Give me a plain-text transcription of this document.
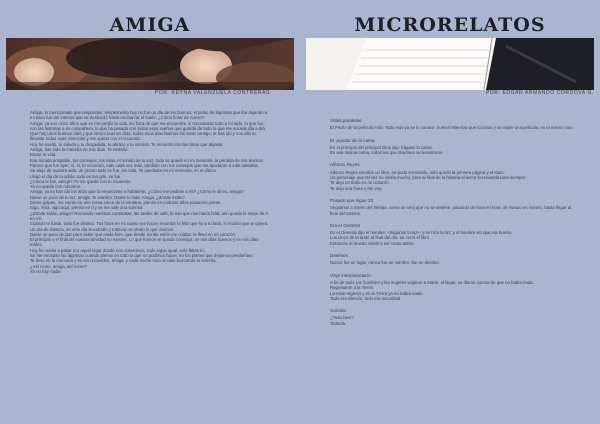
AMIGA
POR: REYNA VALENZUELA CONTRERAS

Amiga, lo mencionado que respondes; simplemente hoy no fue un día de los buenos, el pulso de lágrimas que iba dejando a mi paso fue tan intenso que se desbordó hasta encharcar el suelo. ¿Cómo llorar de nuevo?

Amiga, ya son cinco años que se me perdió la vida. Es hora de que me encuentre. Ir recordando todo a mi lado, lo que fue, con las historias a mi compañera, lo que ha pasado con todos esos sueños que guardé de todo lo que me sucede día a día.

Que hay unos buenos días y que tienen buenos días, todos esos días buenos los sentí contigo, te has ido y con ello te llevaste todas esas vivencias y me quedo con el recuerdo.

Hoy he vuelto, tu saludo y tu despedida, tu abrazo y tu sonrisa. Te recuerdo con las fotos que dejaste.

Amiga, has sido la maestra de mis días. Te extraño.

Dame tu vida.

Esa mirada amigable, tus consejos, tus risas, el sonido de tu voz, todo se quedó en mi memoria, la pérdida de mis ánimos.

Parece que fue ayer, sí, sí, lo recuerdo, más cada vez más, también con tus consejos que me ayudaron a salir adelante.

Se alejó de nuestra vida, de pronto todo se fue, sin más. Te quedaste en mi memoria, en el último.

Llegó el día de tu adiós, todo es tan gris, se fue.

¿Cómo te fue, amiga? Yo me quedé con tu recuerdo.

Ya no queda con nosotros.

Amiga, ya se han ido los años que tú empezaste a hablarme. ¿Cómo me pediste a mí? ¿Cómo le dices, amiga?

Dame un poco de tu luz, amiga. Te extraño. Dame tu vida. Amiga, ¿dónde están?

Dame golpes, me siento en una mesa cerca de la ventana, pienso en cuántos años pasamos juntas.

Sigo, mira, sigo aquí, pienso en ti y se me sale una sonrisa.

¿Dónde estás, amiga? Recuerdo nuestras caminatas, las tardes de café, la risa que nos hacía falta; aún queda lo mejor de ti en mí.

Cuando te fuiste, todo fue distinto. Tus fotos en mi cuarto me hacen recordar lo feliz que fui a tu lado, lo mucho que te quiero.

Un día de tristeza, en este día te extraño y todavía no olvido lo que vivimos.

Dame un poco de paz para saber que estás bien, que desde donde estés me cuidas; te llevo en mi corazón.

El principio y el final de nuestra amistad no existen. Lo que fuimos se queda conmigo, en mis días buenos y en mis días malos.

Hoy he vuelto a pasar por aquel lugar donde nos conocimos, todo sigue igual, solo faltas tú.

Se me escapan las lágrimas cuando pienso en todo lo que no pudimos hacer, en los planes que dejamos pendientes.

Te llevo en la memoria y en los recuerdos, amiga, y cada noche miro al cielo buscando tu estrella.

¿Así como, amiga, así como?

Ya no hay nadie.

MICRORELATOS
POR: EDGAR ARMANDO CÓRDOVA G.
Vidas paralelas

El Pedro de la película mira: Todo esto ya se lo conoce, bueno! Mientras que tú miras y se repite una película, en el mismo cine.

El ¡ayuda! de la cama.

En el principio del principio Dios dijo: hágase la cama.

En esa misma cama, todos los que duermen se levantaron.

Alfonso Reyes

Alfonso Reyes escribía un libro, no pudo terminarlo, solo quedó la primera página y el título:

Un personaje que tal vez no viviría mucho, pero al final de la historia el lector lo recuerda para siempre.

Te dejo un título en mi corazón.

Te dejo una frase y me voy.

Pasado que sigue 20

Seguimos a través del tiempo, como un reloj que no se detiene, pasando de hora en hora, de minuto en minuto, hasta llegar al final del camino.

Era el Génesis

En el Génesis dijo el hombre: «háganse la luz»; y se hizo la luz; y el hombre vio que era buena.

Los cinco de la tarde al final del día, se cerró el libro.

Entonces el mundo volvió a ser como antes.

Destinos

Nunca fue un lugar, nunca fue un nombre, fue un destino.

Viaje interplanetario

A fin de todo, los hombres y las mujeres viajaron a Marte; al llegar, se dieron cuenta de que no había nada.

Regresaron a la Tierra.

La nave regresó y en la Tierra ya no había nadie.

Todo era silencio, todo era oscuridad.

Suicidio

¿Todo bien?

Todavía.
